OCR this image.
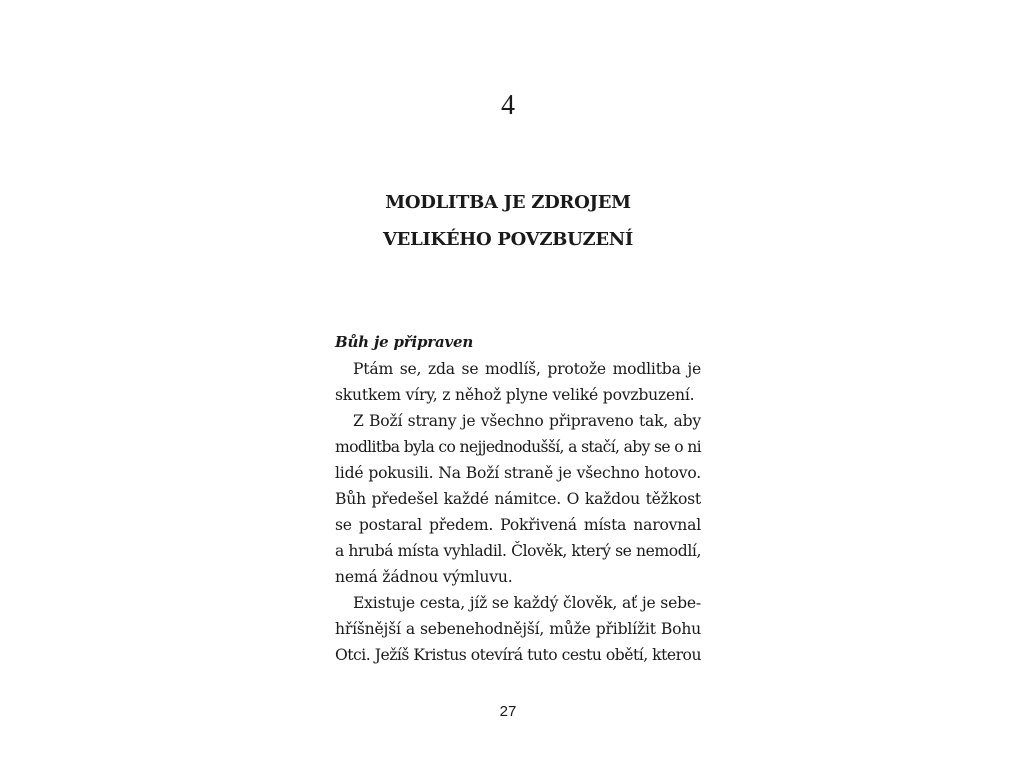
4
MODLITBA JE ZDROJEM
VELIKÉHO POVZBUZENÍ
Bůh je připraven
Ptám se, zda se modlíš, protože modlitba je
skutkem víry, z něhož plyne veliké povzbuzení.
Z Boží strany je všechno připraveno tak, aby
modlitba byla co nejjednodušší, a stačí, aby se o ni
lidé pokusili. Na Boží straně je všechno hotovo.
Bůh předešel každé námitce. O každou těžkost
se postaral předem. Pokřivená místa narovnal
a hrubá místa vyhladil. Člověk, který se nemodlí,
nemá žádnou výmluvu.
Existuje cesta, jíž se každý člověk, ať je sebe-
hříšnější a sebenehodnější, může přiblížit Bohu
Otci. Ježíš Kristus otevírá tuto cestu obětí, kterou
27
